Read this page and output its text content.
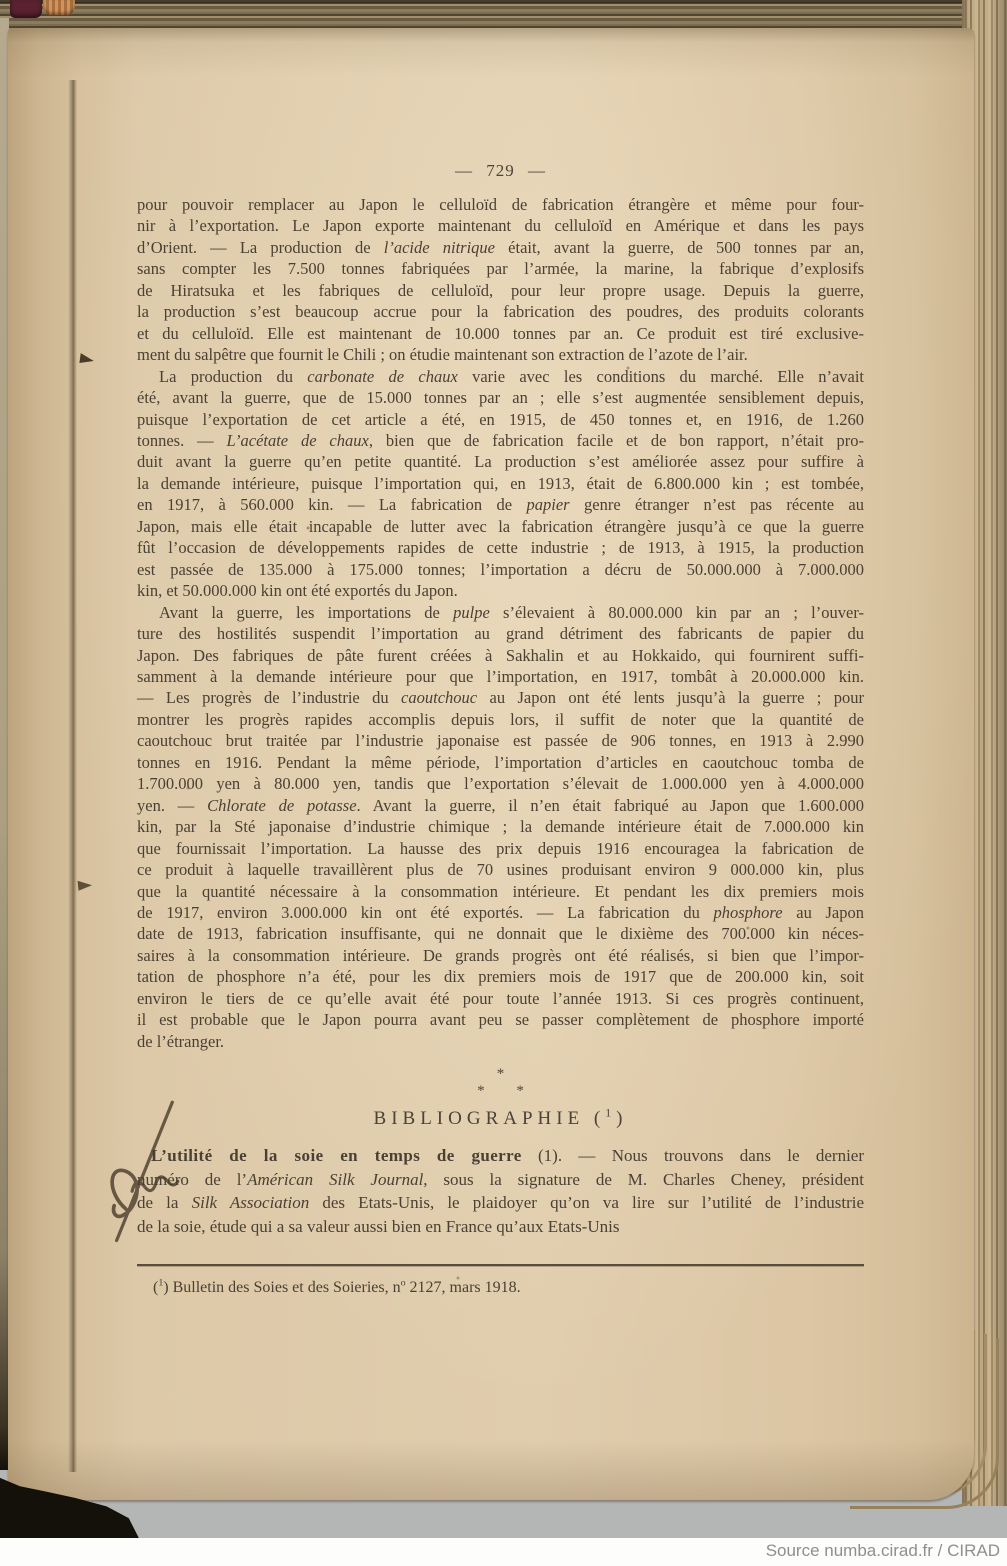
— 729 —
pour pouvoir remplacer au Japon le celluloïd de fabrication étrangère et même pour four-
nir à l’exportation. Le Japon exporte maintenant du celluloïd en Amérique et dans les pays
d’Orient. — La production de l’acide nitrique était, avant la guerre, de 500 tonnes par an,
sans compter les 7.500 tonnes fabriquées par l’armée, la marine, la fabrique d’explosifs
de Hiratsuka et les fabriques de celluloïd, pour leur propre usage. Depuis la guerre,
la production s’est beaucoup accrue pour la fabrication des poudres, des produits colorants
et du celluloïd. Elle est maintenant de 10.000 tonnes par an. Ce produit est tiré exclusive-
ment du salpêtre que fournit le Chili ; on étudie maintenant son extraction de l’azote de l’air.
La production du carbonate de chaux varie avec les conditions du marché. Elle n’avait
été, avant la guerre, que de 15.000 tonnes par an ; elle s’est augmentée sensiblement depuis,
puisque l’exportation de cet article a été, en 1915, de 450 tonnes et, en 1916, de 1.260
tonnes. — L’acétate de chaux, bien que de fabrication facile et de bon rapport, n’était pro-
duit avant la guerre qu’en petite quantité. La production s’est améliorée assez pour suffire à
la demande intérieure, puisque l’importation qui, en 1913, était de 6.800.000 kin ; est tombée,
en 1917, à 560.000 kin. — La fabrication de papier genre étranger n’est pas récente au
Japon, mais elle était incapable de lutter avec la fabrication étrangère jusqu’à ce que la guerre
fût l’occasion de développements rapides de cette industrie ; de 1913, à 1915, la production
est passée de 135.000 à 175.000 tonnes; l’importation a décru de 50.000.000 à 7.000.000
kin, et 50.000.000 kin ont été exportés du Japon.
Avant la guerre, les importations de pulpe s’élevaient à 80.000.000 kin par an ; l’ouver-
ture des hostilités suspendit l’importation au grand détriment des fabricants de papier du
Japon. Des fabriques de pâte furent créées à Sakhalin et au Hokkaido, qui fournirent suffi-
samment à la demande intérieure pour que l’importation, en 1917, tombât à 20.000.000 kin.
— Les progrès de l’industrie du caoutchouc au Japon ont été lents jusqu’à la guerre ; pour
montrer les progrès rapides accomplis depuis lors, il suffit de noter que la quantité de
caoutchouc brut traitée par l’industrie japonaise est passée de 906 tonnes, en 1913 à 2.990
tonnes en 1916. Pendant la même période, l’importation d’articles en caoutchouc tomba de
1.700.000 yen à 80.000 yen, tandis que l’exportation s’élevait de 1.000.000 yen à 4.000.000
yen. — Chlorate de potasse. Avant la guerre, il n’en était fabriqué au Japon que 1.600.000
kin, par la Sté japonaise d’industrie chimique ; la demande intérieure était de 7.000.000 kin
que fournissait l’importation. La hausse des prix depuis 1916 encouragea la fabrication de
ce produit à laquelle travaillèrent plus de 70 usines produisant environ 9 000.000 kin, plus
que la quantité nécessaire à la consommation intérieure. Et pendant les dix premiers mois
de 1917, environ 3.000.000 kin ont été exportés. — La fabrication du phosphore au Japon
date de 1913, fabrication insuffisante, qui ne donnait que le dixième des 700.000 kin néces-
saires à la consommation intérieure. De grands progrès ont été réalisés, si bien que l’impor-
tation de phosphore n’a été, pour les dix premiers mois de 1917 que de 200.000 kin, soit
environ le tiers de ce qu’elle avait été pour toute l’année 1913. Si ces progrès continuent,
il est probable que le Japon pourra avant peu se passer complètement de phosphore importé
de l’étranger.
*
* *
BIBLIOGRAPHIE ($^1$)
L’utilité de la soie en temps de guerre (1). — Nous trouvons dans le dernier
numéro de l’Américan Silk Journal, sous la signature de M. Charles Cheney, président
de la Silk Association des Etats-Unis, le plaidoyer qu’on va lire sur l’utilité de l’industrie
de la soie, étude qui a sa valeur aussi bien en France qu’aux Etats-Unis
($^1$) Bulletin des Soies et des Soieries, $n^o$ 2127, mars 1918.
Source numba.cirad.fr / CIRAD
